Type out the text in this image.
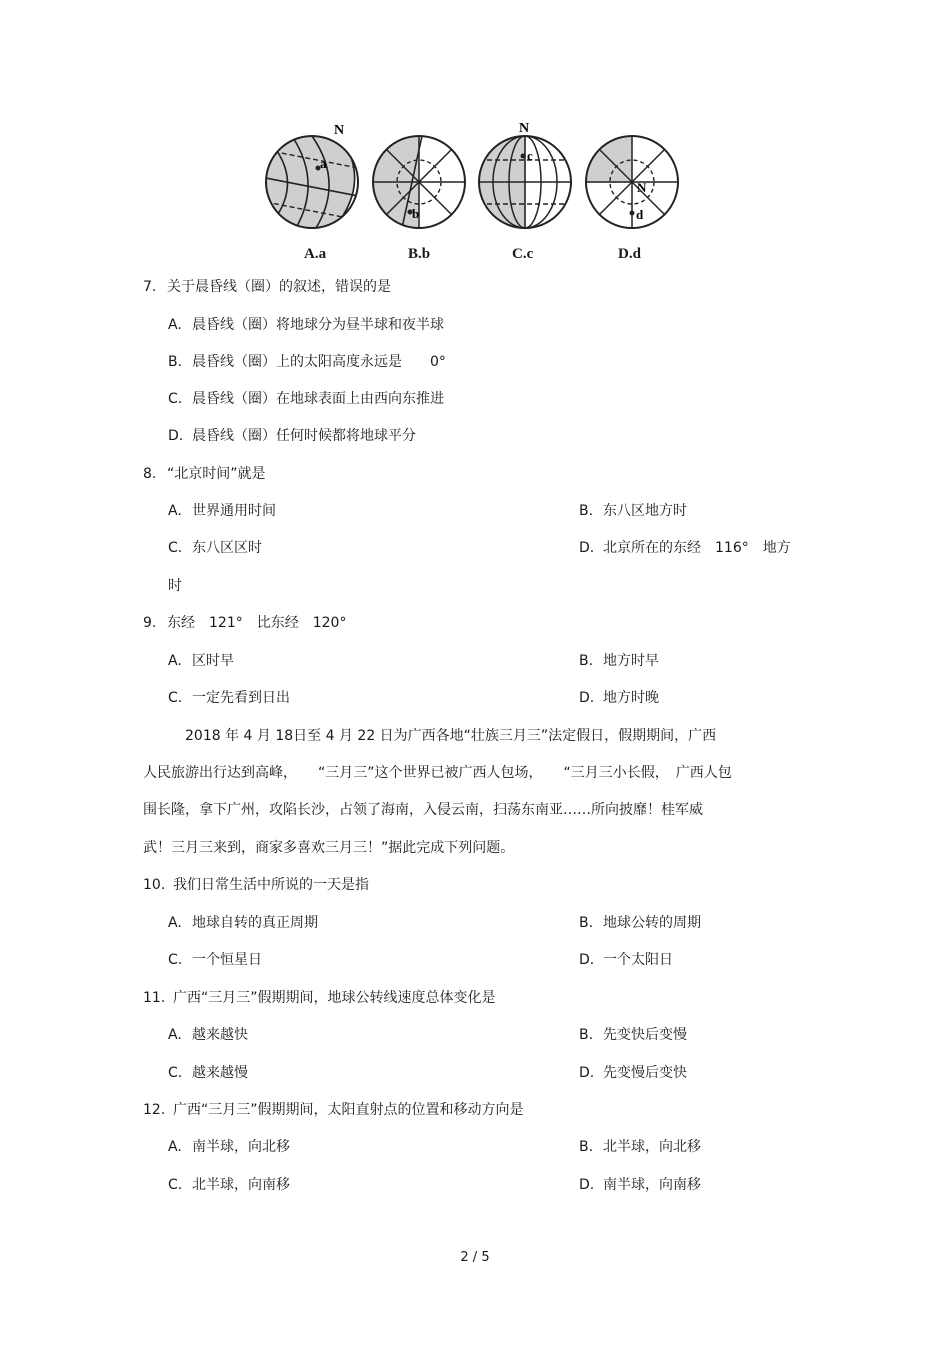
a
N
b
c
N
d
N
A.a	B.b	C.c	D.d
7. 关于晨昏线（圈）的叙述，错误的是
A. 晨昏线（圈）将地球分为昼半球和夜半球
B. 晨昏线（圈）上的太阳高度永远是　　0°
C. 晨昏线（圈）在地球表面上由西向东推进
D. 晨昏线（圈）任何时候都将地球平分
8. “北京时间”就是
A. 世界通用时间	B. 东八区地方时
C. 东八区区时	D. 北京所在的东经　116°　地方
时
9. 东经　121°　比东经　120°
A. 区时早	B. 地方时早
C. 一定先看到日出	D. 地方时晚
2018 年 4 月 18日至 4 月 22 日为广西各地“壮族三月三”法定假日，假期期间，广西
人民旅游出行达到高峰，　　“三月三”这个世界已被广西人包场，　　“三月三小长假，　广西人包
围长隆，拿下广州，攻陷长沙，占领了海南，入侵云南，扫荡东南亚……所向披靡！桂军威
武！三月三来到，商家多喜欢三月三！”据此完成下列问题。
10. 我们日常生活中所说的一天是指
A. 地球自转的真正周期	B. 地球公转的周期
C. 一个恒星日	D. 一个太阳日
11. 广西“三月三”假期期间，地球公转线速度总体变化是
A. 越来越快	B. 先变快后变慢
C. 越来越慢	D. 先变慢后变快
12. 广西“三月三”假期期间，太阳直射点的位置和移动方向是
A. 南半球，向北移	B. 北半球，向北移
C. 北半球，向南移	D. 南半球，向南移
2 / 5
